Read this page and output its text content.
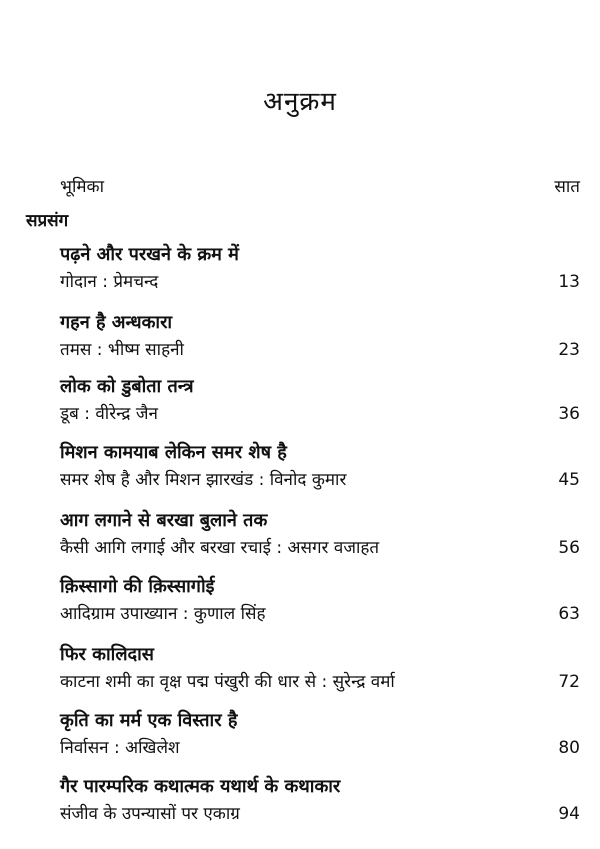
अनुक्रम
भूमिका	सात
सप्रसंग
पढ़ने और परखने के क्रम में
गोदान : प्रेमचन्द	13
गहन है अन्धकारा
तमस : भीष्म साहनी	23
लोक को डुबोता तन्त्र
डूब : वीरेन्द्र जैन	36
मिशन कामयाब लेकिन समर शेष है
समर शेष है और मिशन झारखंड : विनोद कुमार	45
आग लगाने से बरखा बुलाने तक
कैसी आगि लगाई और बरखा रचाई : असगर वजाहत	56
क़िस्सागो की क़िस्सागोई
आदिग्राम उपाख्यान : कुणाल सिंह	63
फिर कालिदास
काटना शमी का वृक्ष पद्म पंखुरी की धार से : सुरेन्द्र वर्मा	72
कृति का मर्म एक विस्तार है
निर्वासन : अखिलेश	80
गैर पारम्परिक कथात्मक यथार्थ के कथाकार
संजीव के उपन्यासों पर एकाग्र	94
